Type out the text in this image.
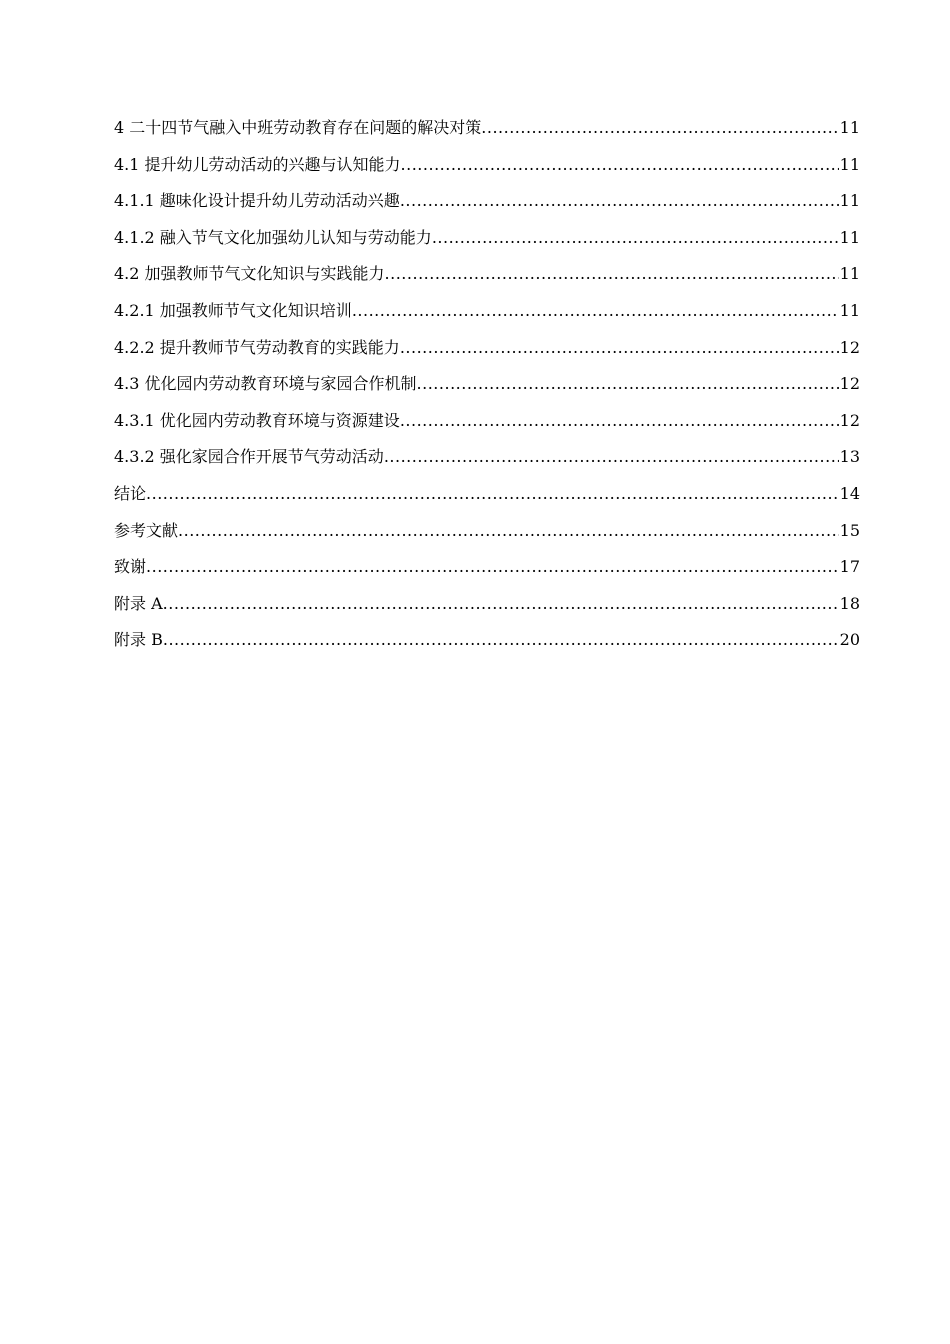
4 二十四节气融入中班劳动教育存在问题的解决对策 .....	11
4.1 提升幼儿劳动活动的兴趣与认知能力 .....	11
4.1.1 趣味化设计提升幼儿劳动活动兴趣 .....	11
4.1.2 融入节气文化加强幼儿认知与劳动能力 .....	11
4.2 加强教师节气文化知识与实践能力 .....	11
4.2.1 加强教师节气文化知识培训 .....	11
4.2.2 提升教师节气劳动教育的实践能力 .....	12
4.3 优化园内劳动教育环境与家园合作机制 .....	12
4.3.1 优化园内劳动教育环境与资源建设 .....	12
4.3.2 强化家园合作开展节气劳动活动 .....	13
结论 .....	14
参考文献 .....	15
致谢 .....	17
附录 A .....	18
附录 B .....	20
